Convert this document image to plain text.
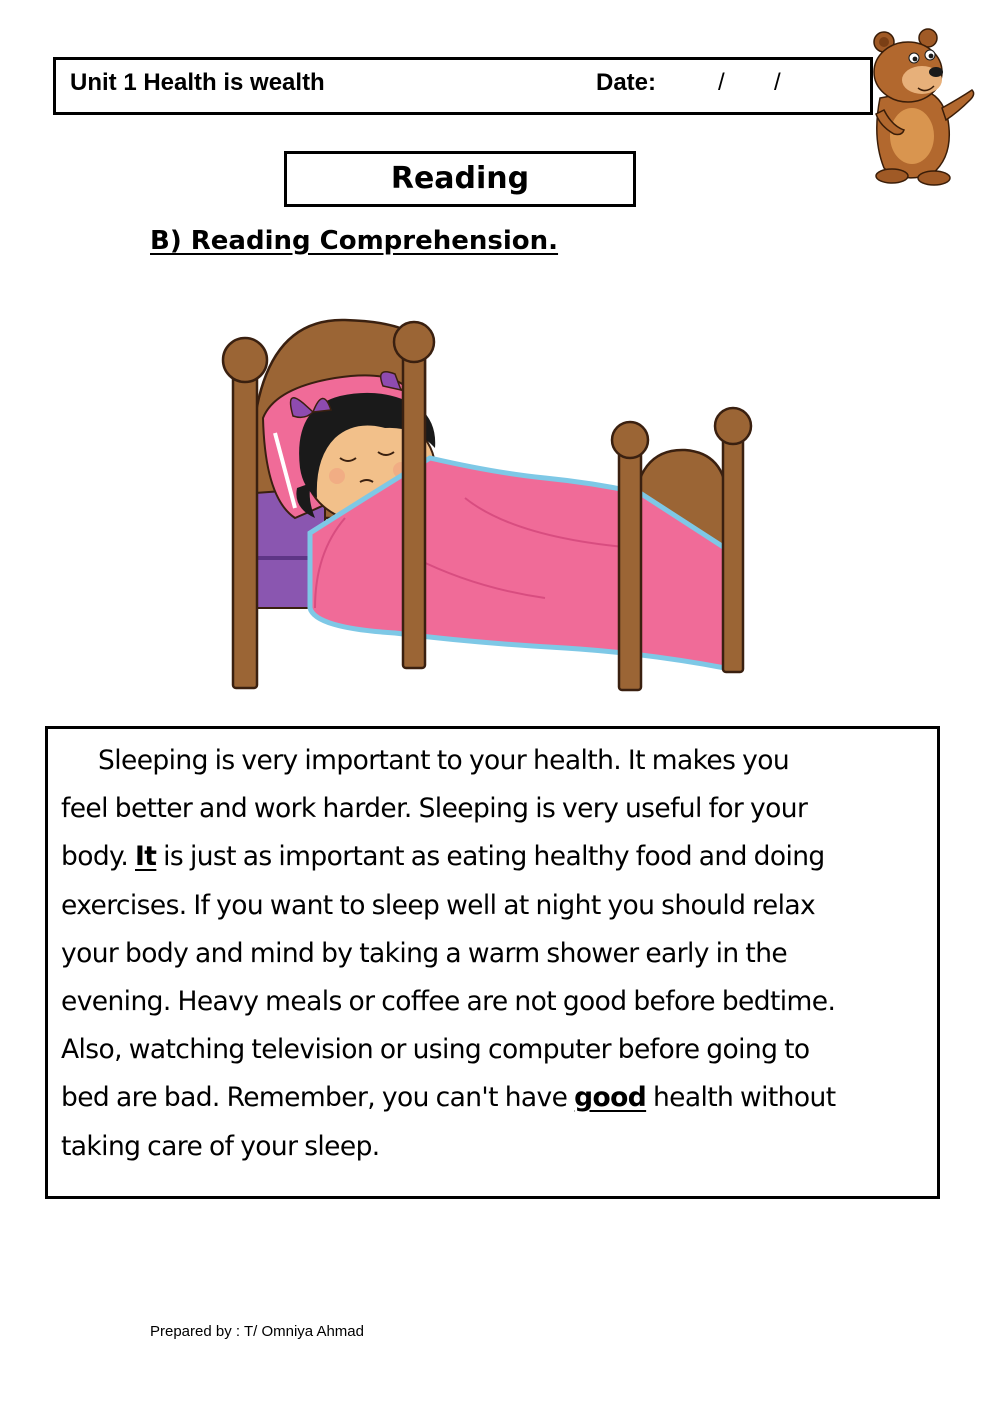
Unit 1 Health is wealth	Date:	/ /
Reading
B) Reading Comprehension.
Sleeping is very important to your health. It makes you
feel better and work harder. Sleeping is very useful for your
body. It is just as important as eating healthy food and doing
exercises. If you want to sleep well at night you should relax
your body and mind by taking a warm shower early in the
evening. Heavy meals or coffee are not good before bedtime.
Also, watching television or using computer before going to
bed are bad. Remember, you can't have good health without
taking care of your sleep.
Prepared by : T/ Omniya Ahmad
